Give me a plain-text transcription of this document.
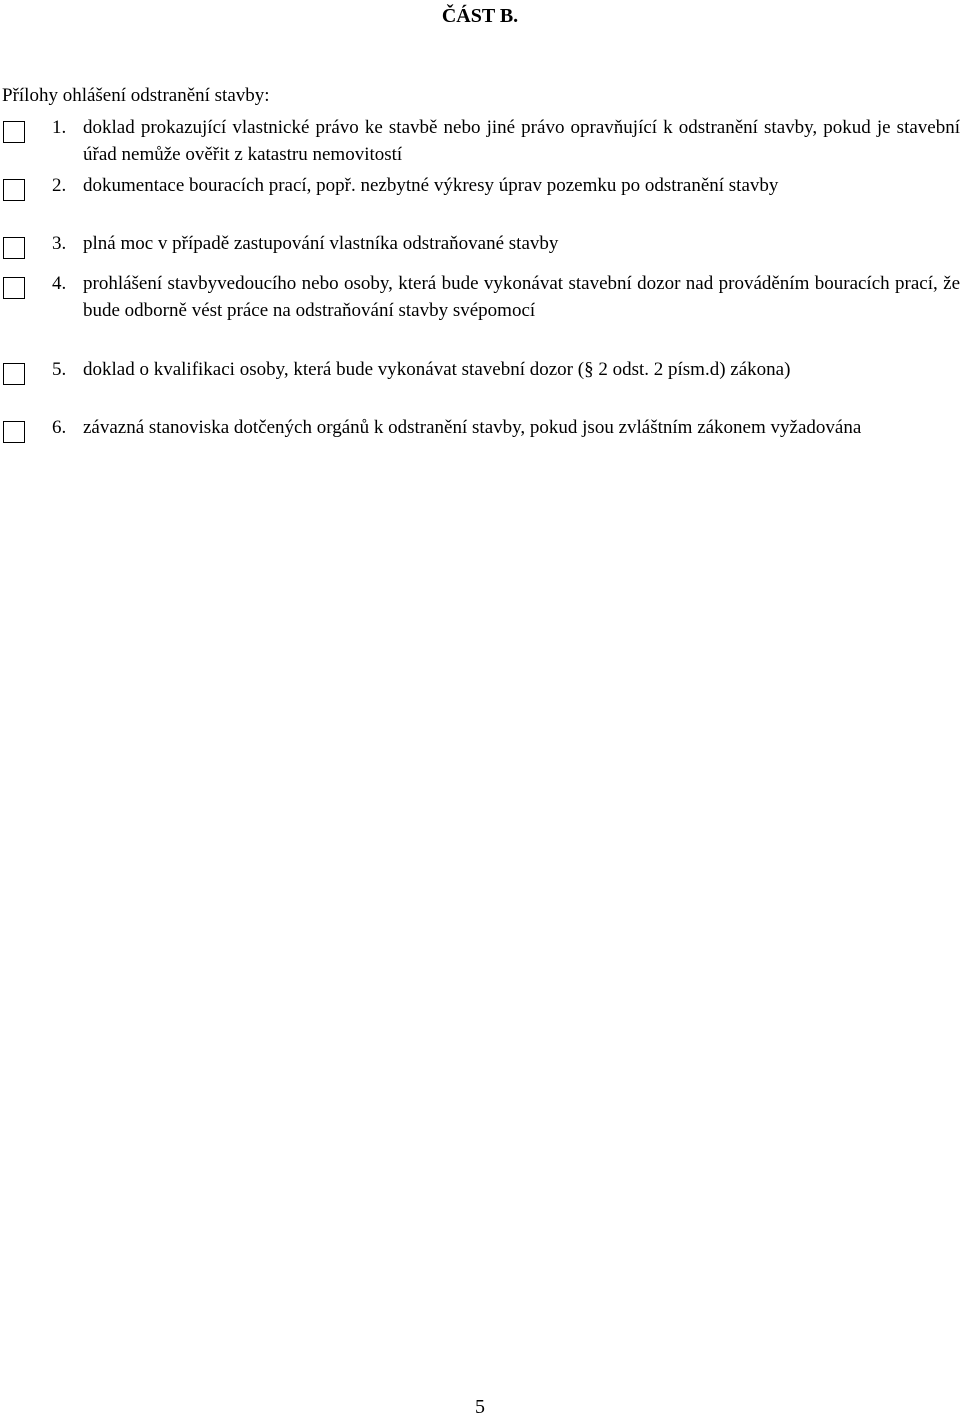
ČÁST B.
Přílohy ohlášení odstranění stavby:
1. doklad prokazující vlastnické právo ke stavbě nebo jiné právo opravňující k odstranění stavby, pokud je stavební úřad nemůže ověřit z katastru nemovitostí
2. dokumentace bouracích prací, popř. nezbytné výkresy úprav pozemku po odstranění stavby
3. plná moc v případě zastupování vlastníka odstraňované stavby
4. prohlášení stavbyvedoucího nebo osoby, která bude vykonávat stavební dozor nad prováděním bouracích prací, že bude odborně vést práce na odstraňování stavby svépomocí
5. doklad o kvalifikaci osoby, která bude vykonávat stavební dozor (§ 2 odst. 2 písm.d) zákona)
6. závazná stanoviska dotčených orgánů k odstranění stavby, pokud jsou zvláštním zákonem vyžadována
5
